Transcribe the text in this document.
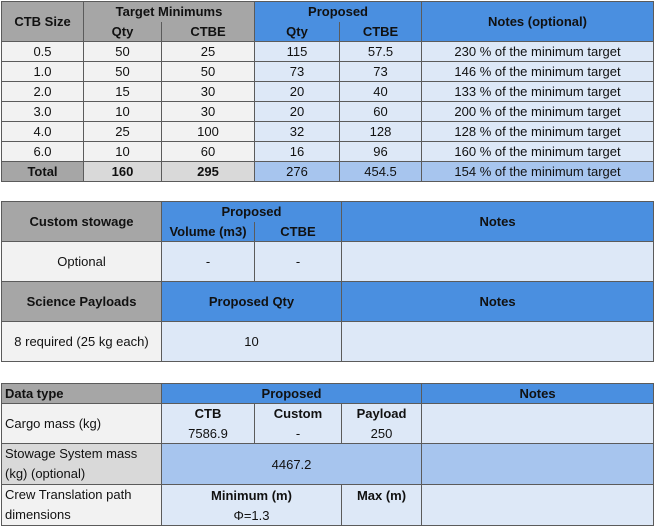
CTB Size	Target Minimums		Proposed		Notes (optional)
	Qty	CTBE	Qty	CTBE	
0.5	50	25	115	57.5	230 % of the minimum target
1.0	50	50	73	73	146 % of the minimum target
2.0	15	30	20	40	133 % of the minimum target
3.0	10	30	20	60	200 % of the minimum target
4.0	25	100	32	128	128 % of the minimum target
6.0	10	60	16	96	160 % of the minimum target
Total	160	295	276	454.5	154 % of the minimum target
Custom stowage	Proposed		Notes
	Volume (m3)	CTBE	
Optional	-	-	
Science Payloads	Proposed Qty		Notes
8 required (25 kg each)	10		
Data type	Proposed			Notes
Cargo mass (kg)	CTB	Custom	Payload	
	7586.9	-	250	
Stowage System mass
(kg) (optional)	4467.2			
Crew Translation path
dimensions	Minimum (m)		Max (m)	
	Φ=1.3			
